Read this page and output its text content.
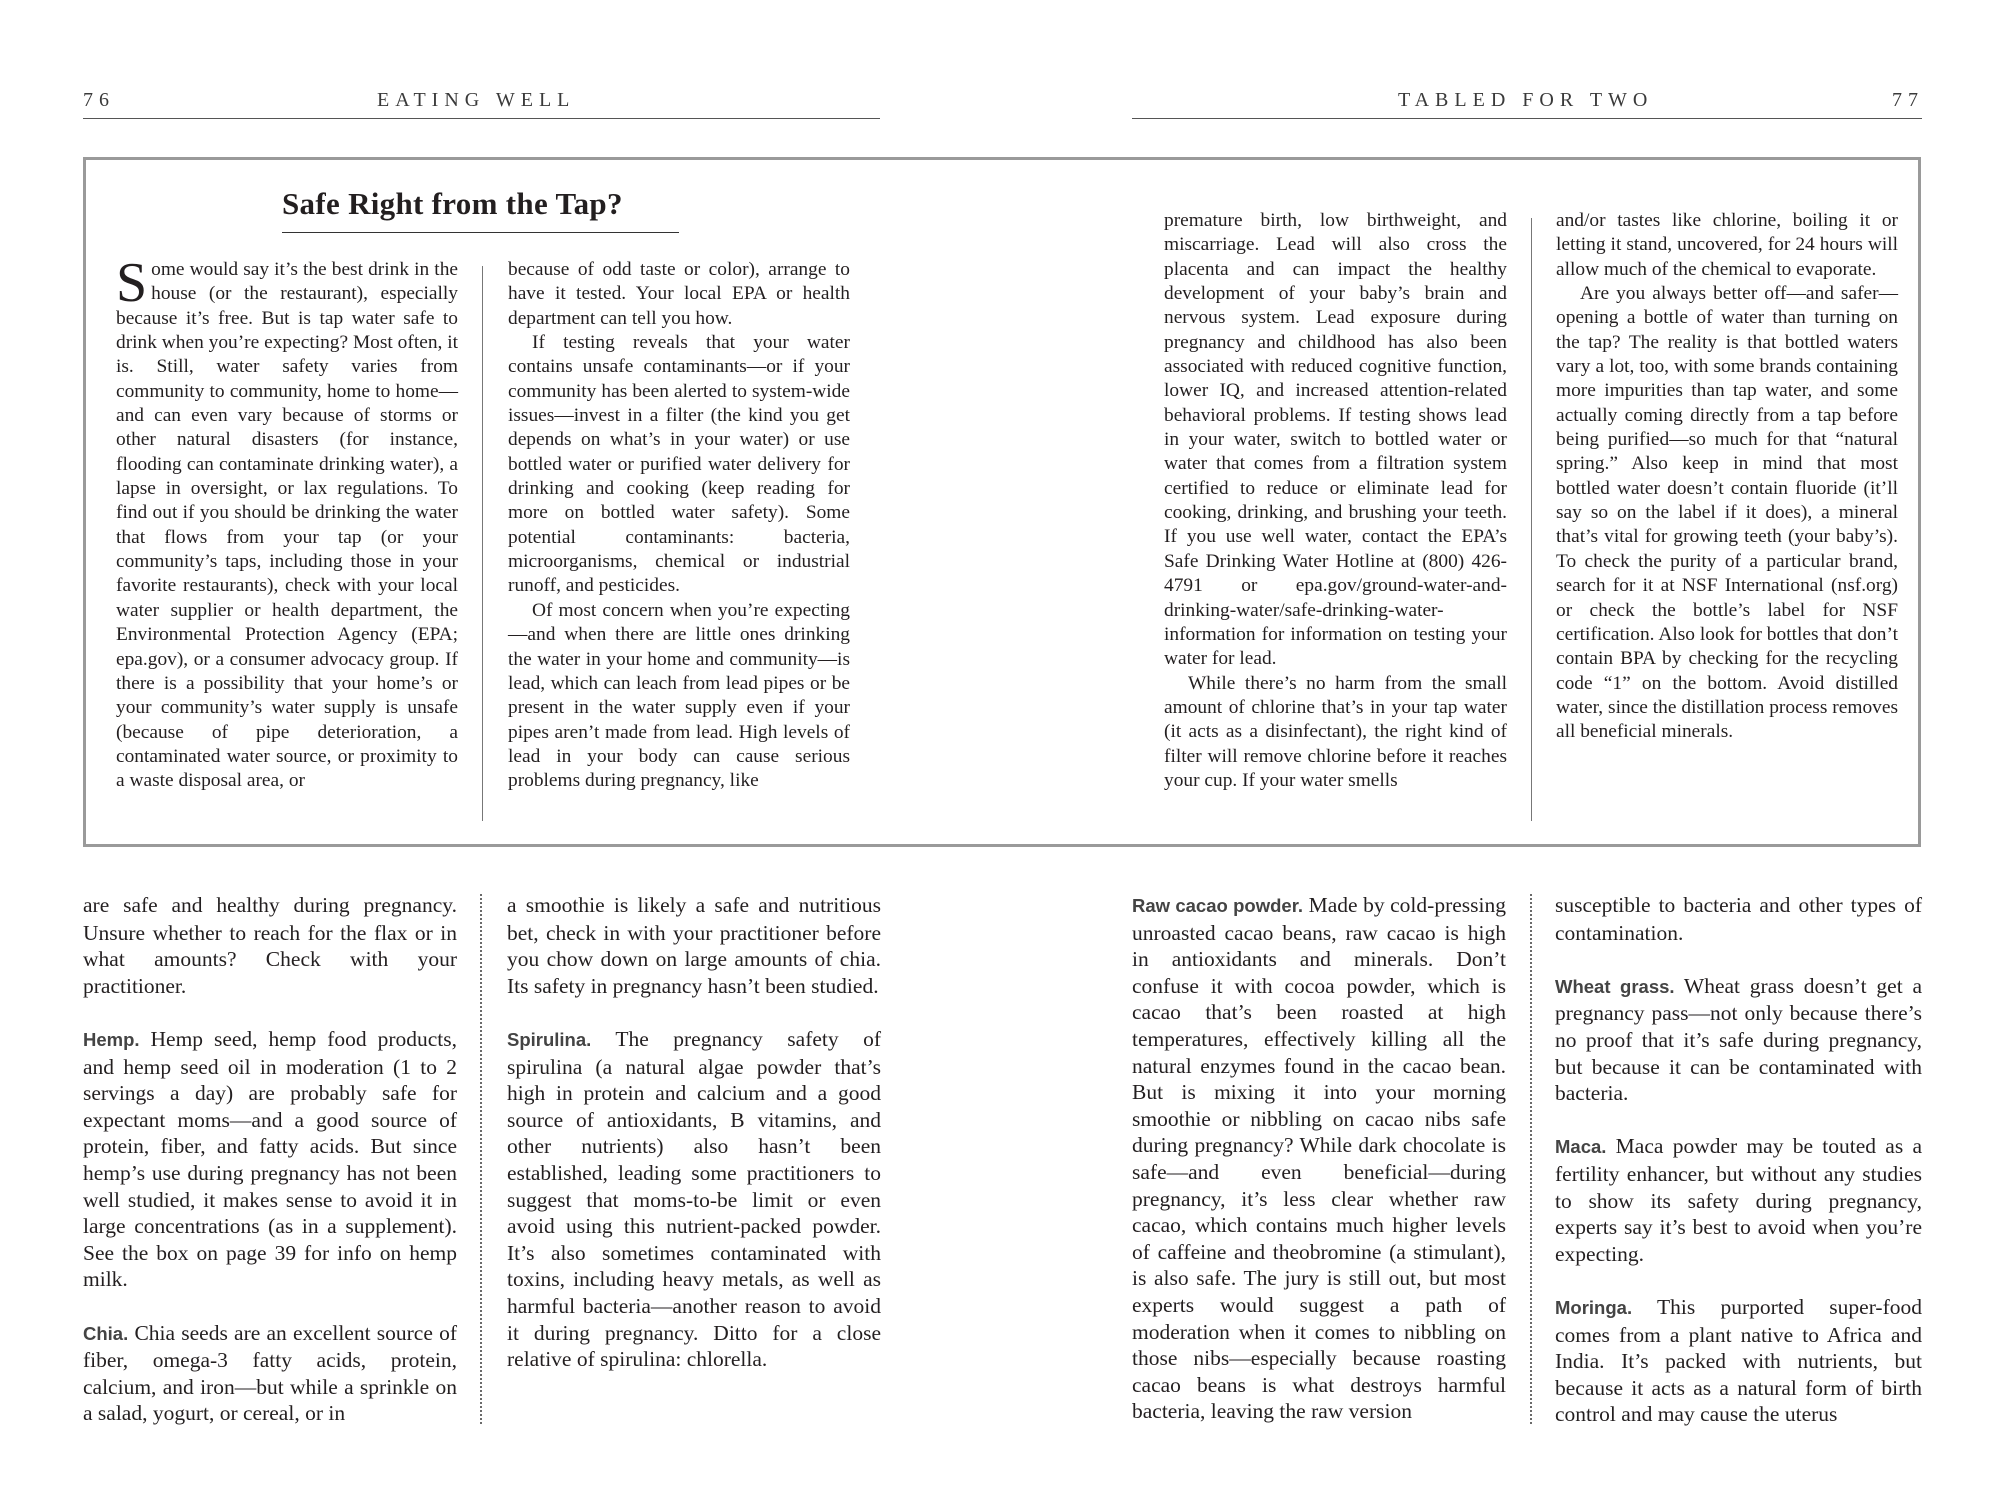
76	EATING WELL	TABLED FOR TWO	77
Safe Right from the Tap?

Some would say it’s the best drink in the house (or the restaurant), especially because it’s free. But is tap water safe to drink when you’re expecting? Most often, it is. Still, water safety varies from community to community, home to home—and can even vary because of storms or other natural disasters (for instance, flooding can contaminate drinking water), a lapse in oversight, or lax regulations. To find out if you should be drinking the water that flows from your tap (or your community’s taps, including those in your favorite restaurants), check with your local water supplier or health department, the Environmental Protection Agency (EPA; epa.gov), or a consumer advocacy group. If there is a possibility that your home’s or your community’s water supply is unsafe (because of pipe deterioration, a contaminated water source, or proximity to a waste disposal area, or

because of odd taste or color), arrange to have it tested. Your local EPA or health department can tell you how.

If testing reveals that your water contains unsafe contaminants—or if your community has been alerted to system-wide issues—invest in a filter (the kind you get depends on what’s in your water) or use bottled water or purified water delivery for drinking and cooking (keep reading for more on bottled water safety). Some potential contaminants: bacteria, microorganisms, chemical or industrial runoff, and pesticides.

Of most concern when you’re expecting—and when there are little ones drinking the water in your home and community—is lead, which can leach from lead pipes or be present in the water supply even if your pipes aren’t made from lead. High levels of lead in your body can cause serious problems during pregnancy, like

premature birth, low birthweight, and miscarriage. Lead will also cross the placenta and can impact the healthy development of your baby’s brain and nervous system. Lead exposure during pregnancy and childhood has also been associated with reduced cognitive function, lower IQ, and increased attention-related behavioral problems. If testing shows lead in your water, switch to bottled water or water that comes from a filtration system certified to reduce or eliminate lead for cooking, drinking, and brushing your teeth. If you use well water, contact the EPA’s Safe Drinking Water Hotline at (800) 426-4791 or epa.gov/ground-water-and-drinking-water/safe-drinking-water-information for information on testing your water for lead.

While there’s no harm from the small amount of chlorine that’s in your tap water (it acts as a disinfectant), the right kind of filter will remove chlorine before it reaches your cup. If your water smells

and/or tastes like chlorine, boiling it or letting it stand, uncovered, for 24 hours will allow much of the chemical to evaporate.

Are you always better off—and safer—opening a bottle of water than turning on the tap? The reality is that bottled waters vary a lot, too, with some brands containing more impurities than tap water, and some actually coming directly from a tap before being purified—so much for that “natural spring.” Also keep in mind that most bottled water doesn’t contain fluoride (it’ll say so on the label if it does), a mineral that’s vital for growing teeth (your baby’s). To check the purity of a particular brand, search for it at NSF International (nsf.org) or check the bottle’s label for NSF certification. Also look for bottles that don’t contain BPA by checking for the recycling code “1” on the bottom. Avoid distilled water, since the distillation process removes all beneficial minerals.

are safe and healthy during pregnancy. Unsure whether to reach for the flax or in what amounts? Check with your practitioner.

Hemp. Hemp seed, hemp food products, and hemp seed oil in moderation (1 to 2 servings a day) are probably safe for expectant moms—and a good source of protein, fiber, and fatty acids. But since hemp’s use during pregnancy has not been well studied, it makes sense to avoid it in large concentrations (as in a supplement). See the box on page 39 for info on hemp milk.

Chia. Chia seeds are an excellent source of fiber, omega-3 fatty acids, protein, calcium, and iron—but while a sprinkle on a salad, yogurt, or cereal, or in

a smoothie is likely a safe and nutritious bet, check in with your practitioner before you chow down on large amounts of chia. Its safety in pregnancy hasn’t been studied.

Spirulina. The pregnancy safety of spirulina (a natural algae powder that’s high in protein and calcium and a good source of antioxidants, B vitamins, and other nutrients) also hasn’t been established, leading some practitioners to suggest that moms-to-be limit or even avoid using this nutrient-packed powder. It’s also sometimes contaminated with toxins, including heavy metals, as well as harmful bacteria—another reason to avoid it during pregnancy. Ditto for a close relative of spirulina: chlorella.

Raw cacao powder. Made by cold-pressing unroasted cacao beans, raw cacao is high in antioxidants and minerals. Don’t confuse it with cocoa powder, which is cacao that’s been roasted at high temperatures, effectively killing all the natural enzymes found in the cacao bean. But is mixing it into your morning smoothie or nibbling on cacao nibs safe during pregnancy? While dark chocolate is safe—and even beneficial—during pregnancy, it’s less clear whether raw cacao, which contains much higher levels of caffeine and theobromine (a stimulant), is also safe. The jury is still out, but most experts would suggest a path of moderation when it comes to nibbling on those nibs—especially because roasting cacao beans is what destroys harmful bacteria, leaving the raw version

susceptible to bacteria and other types of contamination.

Wheat grass. Wheat grass doesn’t get a pregnancy pass—not only because there’s no proof that it’s safe during pregnancy, but because it can be contaminated with bacteria.

Maca. Maca powder may be touted as a fertility enhancer, but without any studies to show its safety during pregnancy, experts say it’s best to avoid when you’re expecting.

Moringa. This purported super-food comes from a plant native to Africa and India. It’s packed with nutrients, but because it acts as a natural form of birth control and may cause the uterus
